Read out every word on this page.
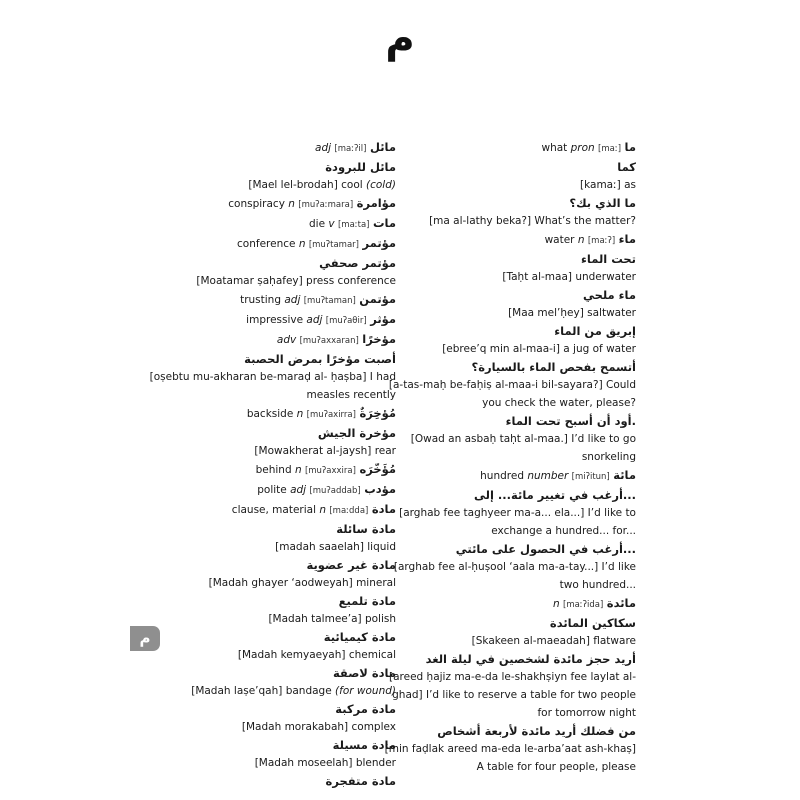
م
مائل adj [maːʔil]
مائل للبرودة
[Mael lel-brodah] cool (cold)
مؤامرة conspiracy n [muʔaːmara]
مات die v [maːta]
مؤتمر conference n [muʔtamar]
مؤتمر صحفي
[Moatamar ṣaḥafey] press conference
مؤتمن trusting adj [muʔtaman]
مؤثر impressive adj [muʔaθir]
مؤخرًا adv [muʔaxxaran]
أصبت مؤخرًا بمرض الحصبة
[oṣebtu mu-akharan be-maraḍ al- ḥaṣba] I had
measles recently
مُؤخِرَةٌ backside n [muʔaxirra]
مؤخرة الجيش
[Mowakherat al-jaysh] rear
مُؤَخّرَه behind n [muʔaxxira]
مؤدب polite adj [muʔaddab]
مادة clause, material n [maːdda]
مادة سائلة
[madah saaelah] liquid
مادة غير عضوية
[Madah ghayer ‘aodweyah] mineral
مادة تلميع
[Madah talmee’a] polish
مادة كيميائية
[Madah kemyaeyah] chemical
مادة لاصقة
[Madah laṣe’qah] bandage (for wound)
مادة مركبة
[Madah morakabah] complex
مادة مسيلة
[Madah moseelah] blender
مادة متفجرة
ما what pron [maː]
كما
[kamaː] as
ما الذي بك؟
[ma al-lathy beka?] What’s the matter?
ماء water n [maːʔ]
تحت الماء
[Taḥt al-maa] underwater
ماء ملحي
[Maa mel’ḥey] saltwater
إبريق من الماء
[ebree’q min al-maa-i] a jug of water
أتسمح بفحص الماء بالسيارة؟
[a-tas-maḥ be-faḥiṣ al-maa-i bil-sayara?] Could
you check the water, please?
.أود أن أسبح تحت الماء
[Owad an asbaḥ taḥt al-maa.] I’d like to go
snorkeling
مائة hundred number [miʔitun]
...أرغب في تغيير مائة... إلى
[arghab fee taghyeer ma-a... ela...] I’d like to
exchange a hundred... for...
...أرغب في الحصول على مائتي
[arghab fee al-ḥuṣool ‘aala ma-a-tay...] I’d like
two hundred...
مائدة n [maːʔida]
سكاكين المائدة
[Skakeen al-maeadah] flatware
أريد حجز مائدة لشخصين في ليلة الغد
[areed ḥajiz ma-e-da le-shakhṣiyn fee laylat al-
ghad] I’d like to reserve a table for two people
for tomorrow night
من فضلك أريد مائدة لأربعة أشخاص
[min faḍlak areed ma-eda le-arba’aat ash-khaṣ]
A table for four people, please
م
